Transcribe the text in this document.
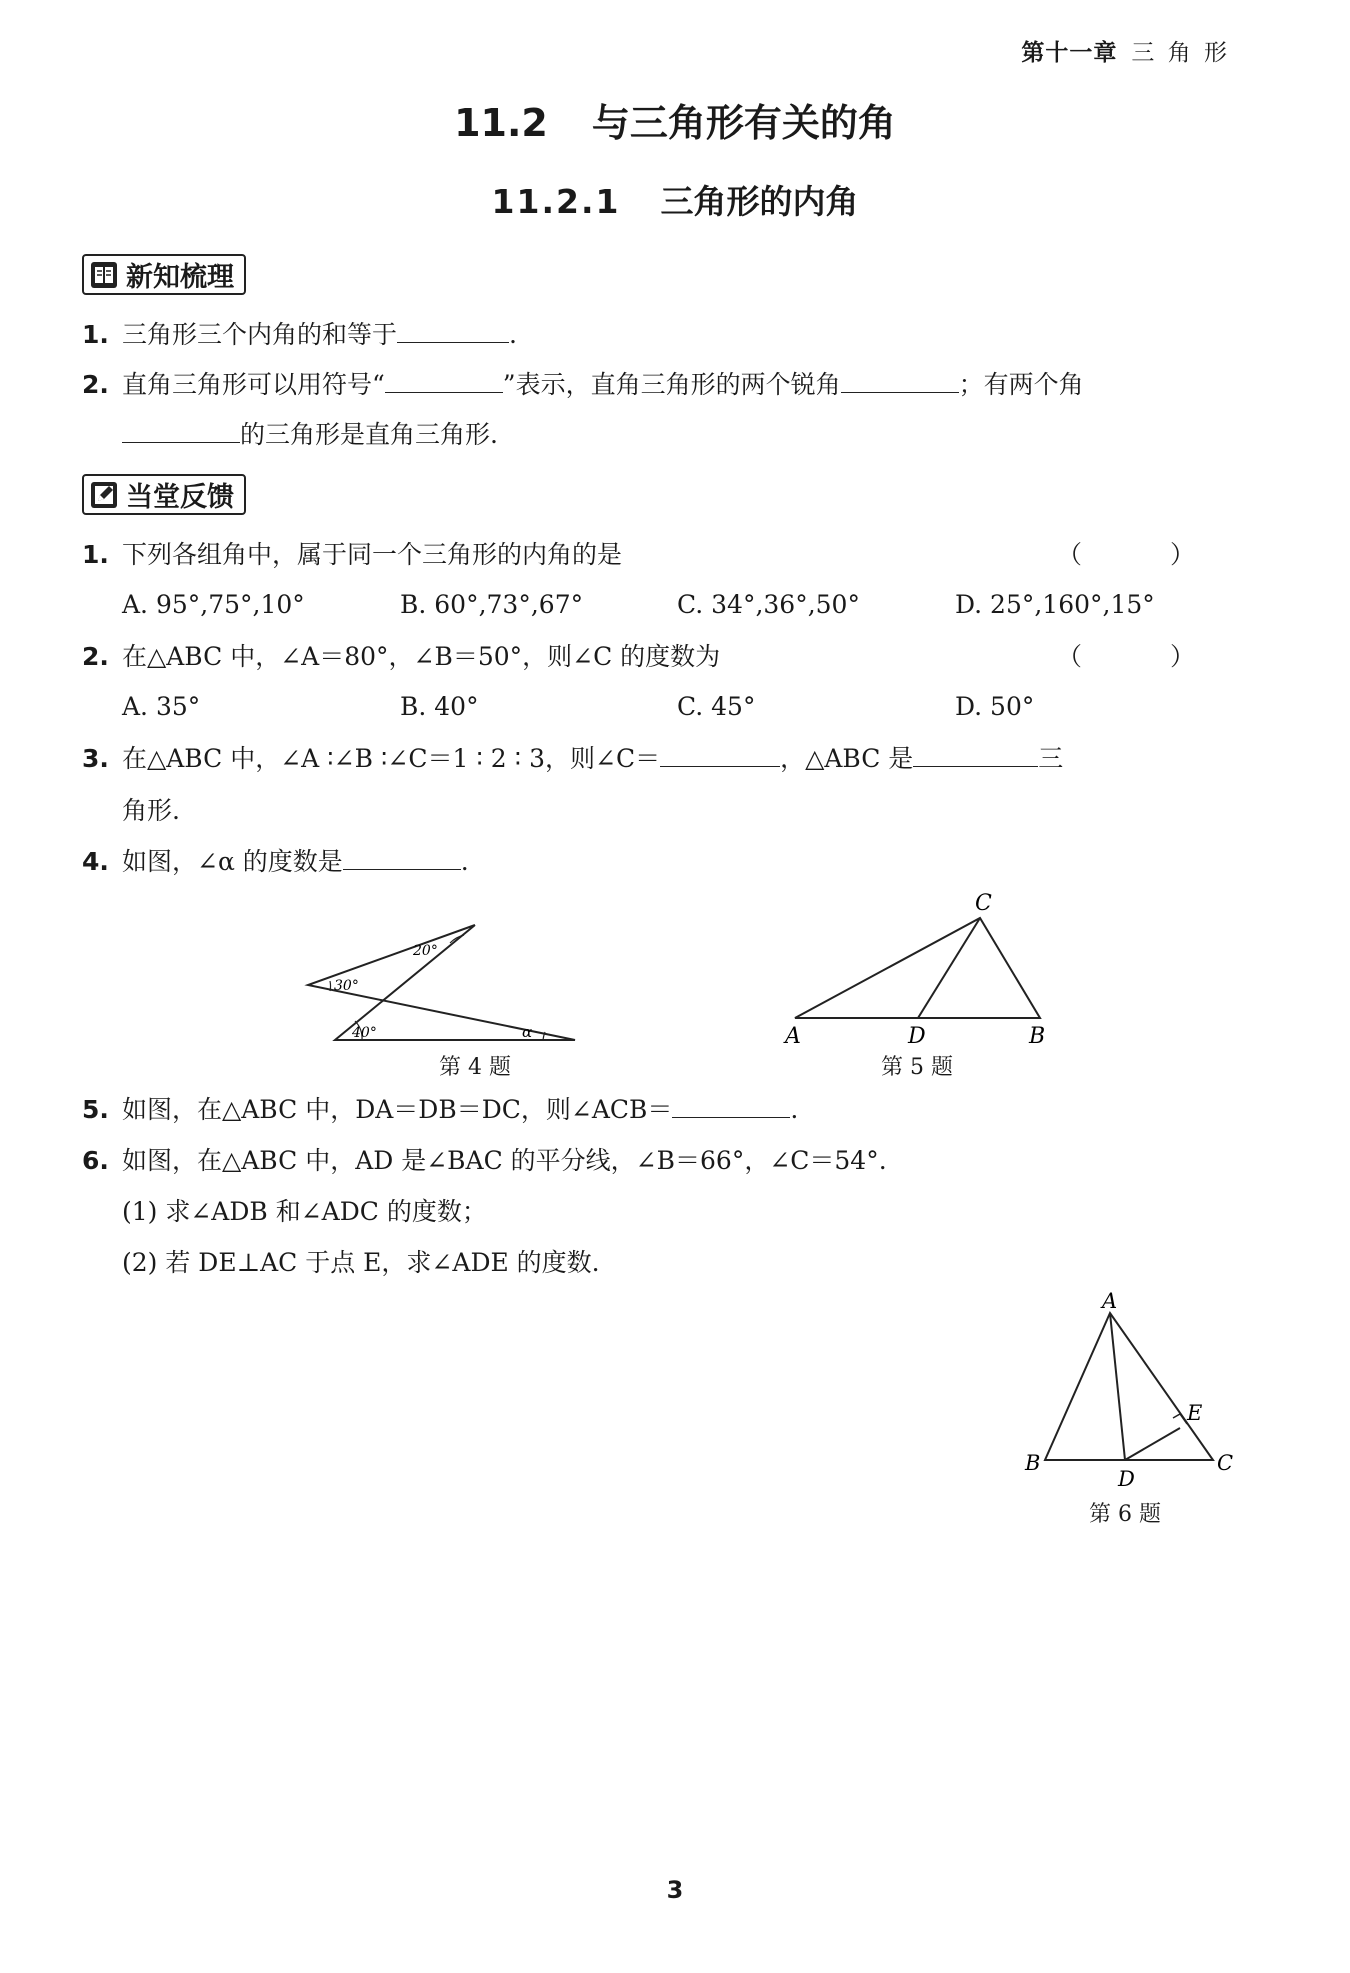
第十一章 三 角 形
11.2 与三角形有关的角
11.2.1 三角形的内角
新知梳理
1. 三角形三个内角的和等于	.
2. 直角三角形可以用符号“	”表示，直角三角形的两个锐角	；有两个角
的三角形是直角三角形.
当堂反馈
1. 下列各组角中，属于同一个三角形的内角的是	（ ）
A. 95°,75°,10°	B. 60°,73°,67°	C. 34°,36°,50°	D. 25°,160°,15°
2. 在△ABC 中，∠A＝80°，∠B＝50°，则∠C 的度数为	（ ）
A. 35°	B. 40°	C. 45°	D. 50°
3. 在△ABC 中，∠A ∶∠B ∶∠C＝1 ∶ 2 ∶ 3，则∠C＝	，△ABC 是	三
角形.
4. 如图，∠α 的度数是	.
20°
30°
40°	α
第 4 题
C
A	D	B
第 5 题
5. 如图，在△ABC 中，DA＝DB＝DC，则∠ACB＝	.
6. 如图，在△ABC 中，AD 是∠BAC 的平分线，∠B＝66°，∠C＝54°.
(1) 求∠ADB 和∠ADC 的度数；
(2) 若 DE⊥AC 于点 E，求∠ADE 的度数.
A
B	C
D
E
第 6 题
3
